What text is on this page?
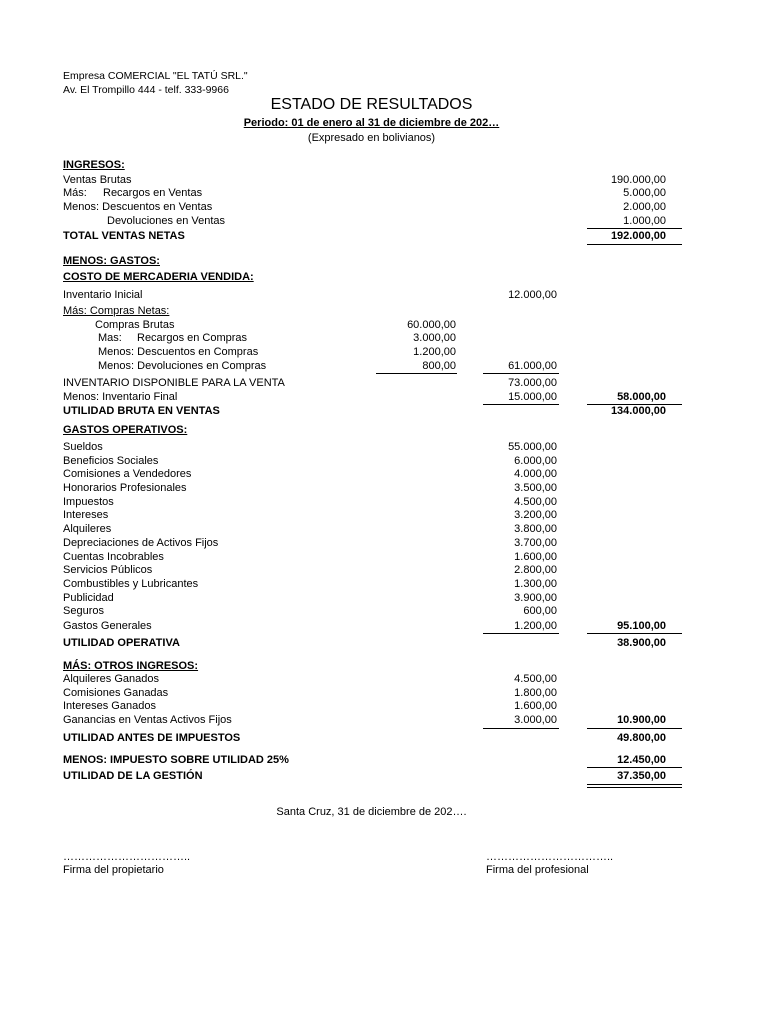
Empresa COMERCIAL "EL TATÚ SRL."
Av. El Trompillo 444 - telf. 333-9966
ESTADO DE RESULTADOS
Periodo: 01 de enero al 31 de diciembre de 202…
(Expresado en bolivianos)
INGRESOS:
Ventas Brutas	190.000,00
Más: Recargos en Ventas	5.000,00
Menos: Descuentos en Ventas	2.000,00
Devoluciones en Ventas	1.000,00
TOTAL VENTAS NETAS	192.000,00
MENOS: GASTOS:
COSTO DE MERCADERIA VENDIDA:
Inventario Inicial	12.000,00
Más: Compras Netas:
Compras Brutas	60.000,00
Mas: Recargos en Compras	3.000,00
Menos: Descuentos en Compras	1.200,00
Menos: Devoluciones en Compras	800,00	61.000,00
INVENTARIO DISPONIBLE PARA LA VENTA	73.000,00
Menos: Inventario Final	15.000,00	58.000,00
UTILIDAD BRUTA EN VENTAS	134.000,00
GASTOS OPERATIVOS:
Sueldos	55.000,00
Beneficios Sociales	6.000,00
Comisiones a Vendedores	4.000,00
Honorarios Profesionales	3.500,00
Impuestos	4.500,00
Intereses	3.200,00
Alquileres	3.800,00
Depreciaciones de Activos Fijos	3.700,00
Cuentas Incobrables	1.600,00
Servicios Públicos	2.800,00
Combustibles y Lubricantes	1.300,00
Publicidad	3.900,00
Seguros	600,00
Gastos Generales	1.200,00	95.100,00
UTILIDAD OPERATIVA	38.900,00
MÁS: OTROS INGRESOS:
Alquileres Ganados	4.500,00
Comisiones Ganadas	1.800,00
Intereses Ganados	1.600,00
Ganancias en Ventas Activos Fijos	3.000,00	10.900,00
UTILIDAD ANTES DE IMPUESTOS	49.800,00
MENOS: IMPUESTO SOBRE UTILIDAD 25%	12.450,00
UTILIDAD DE LA GESTIÓN	37.350,00
Santa Cruz, 31 de diciembre de 202….
……………………………..	……………………………..
Firma del propietario	Firma del profesional
